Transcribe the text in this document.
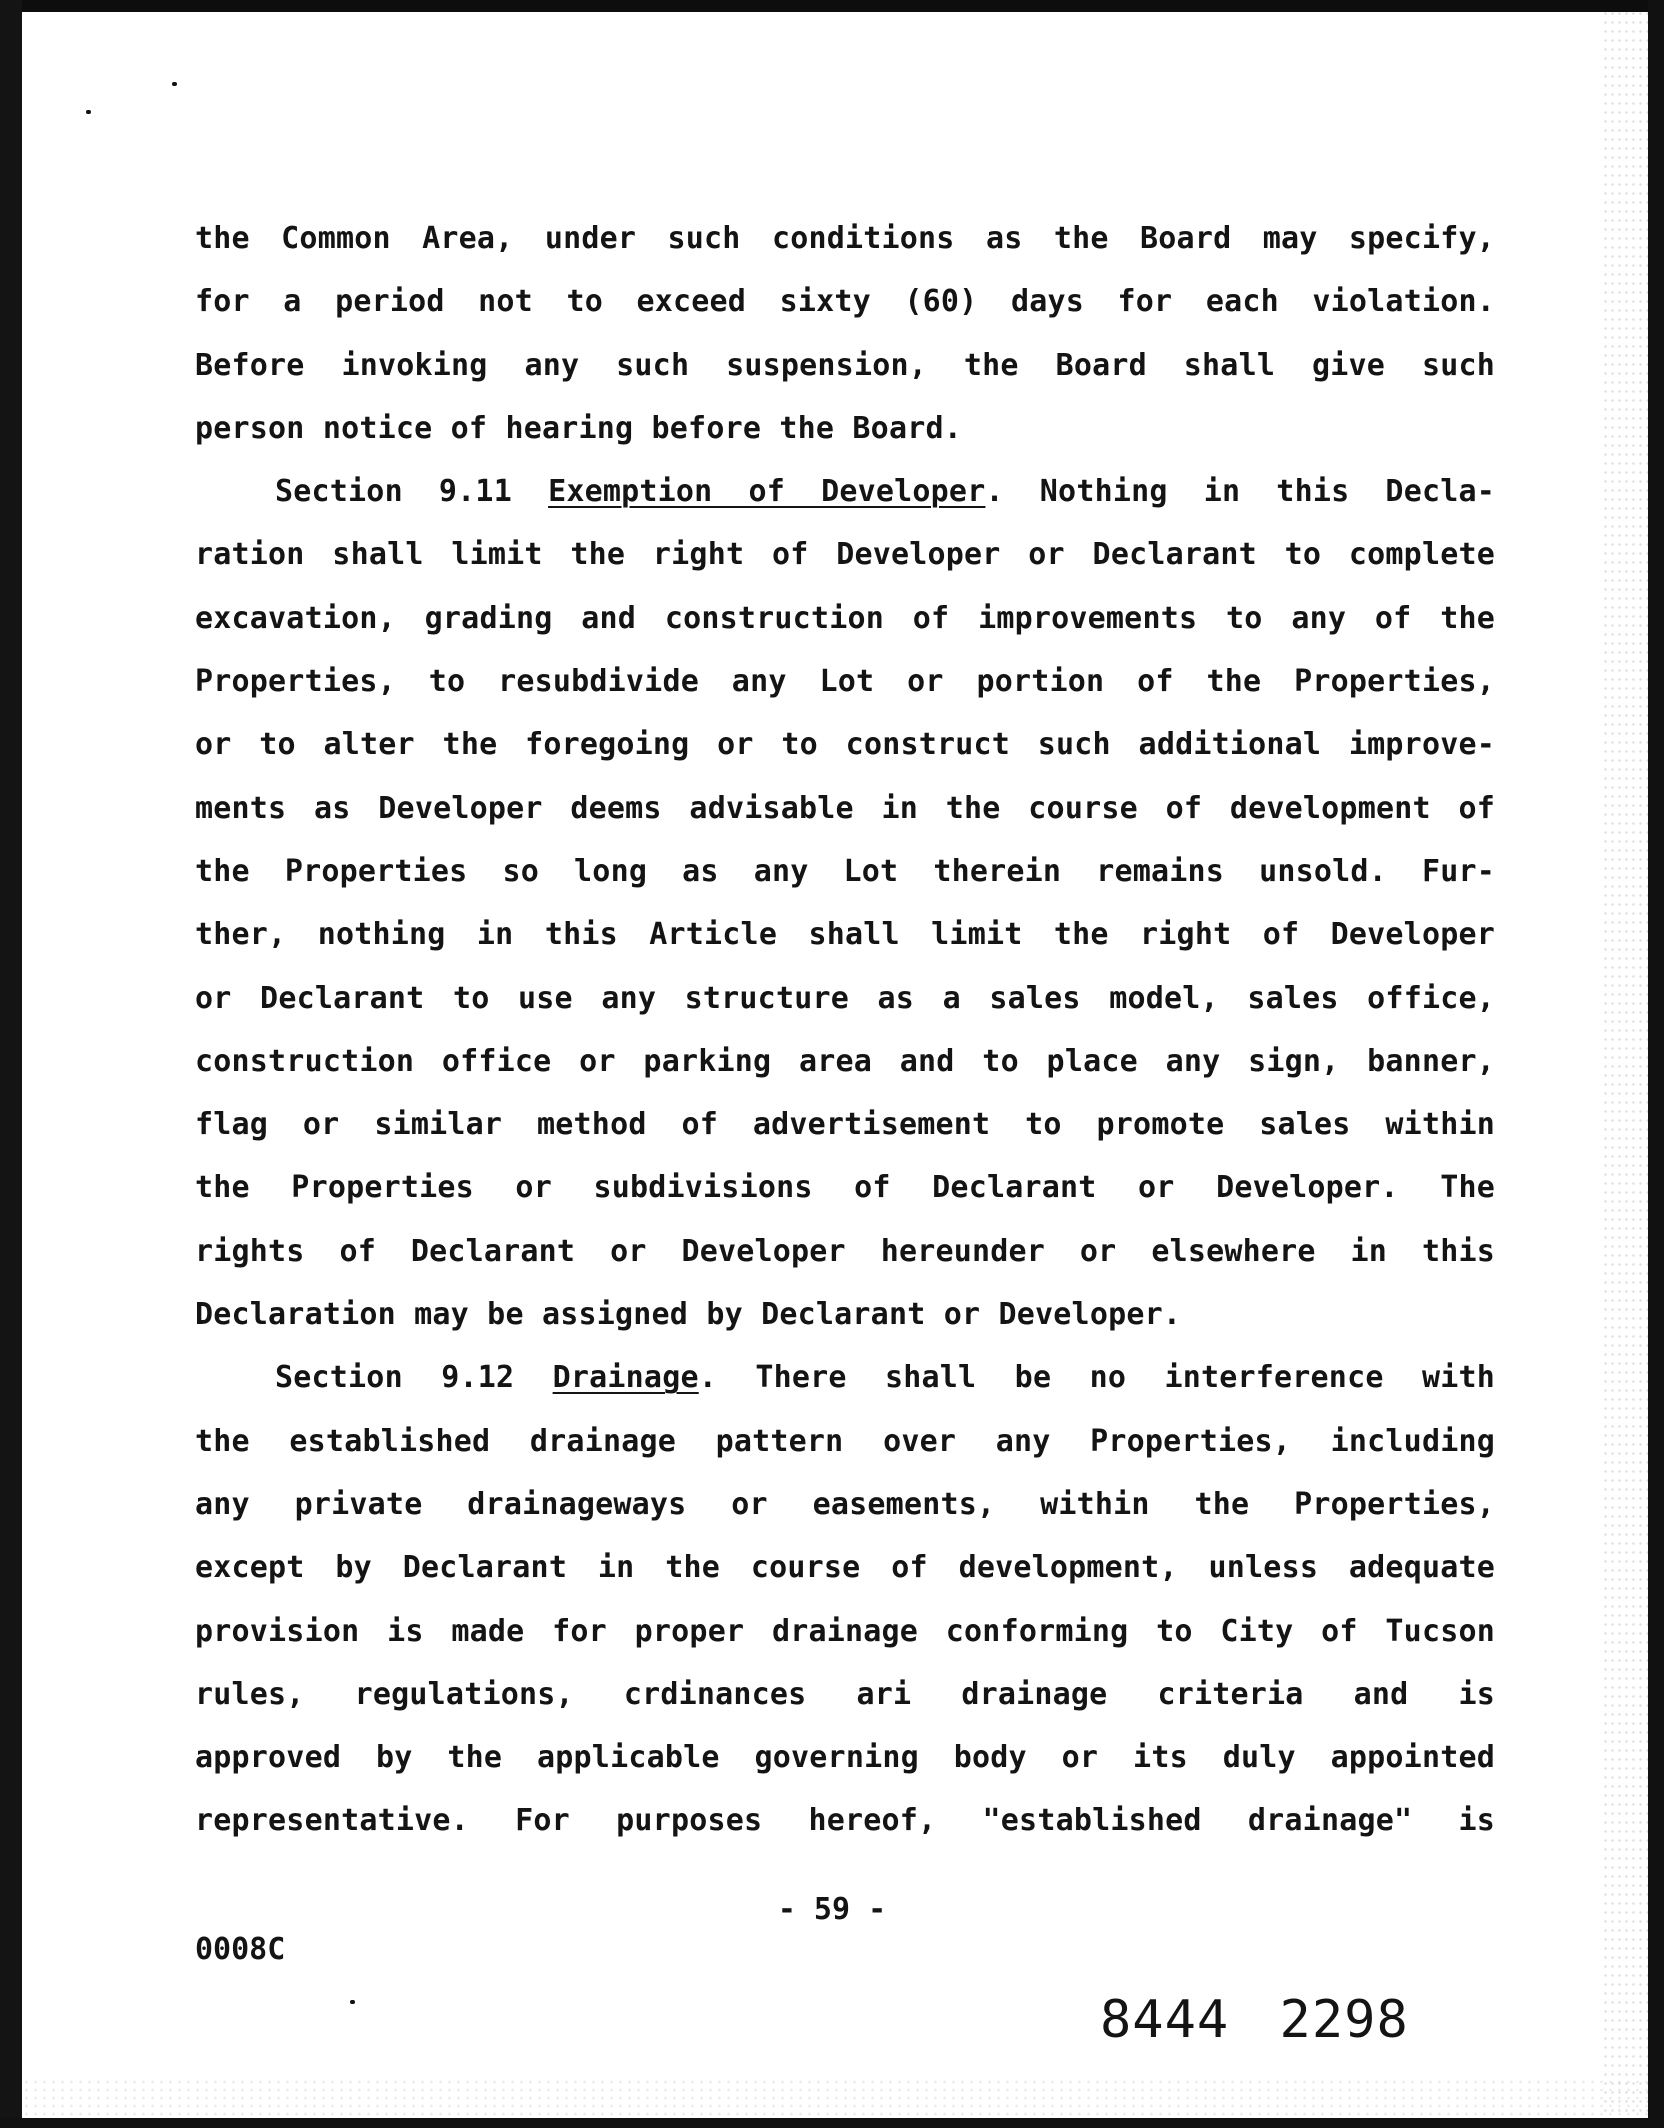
the Common Area, under such conditions as the Board may specify,
for a period not to exceed sixty (60) days for each violation.
Before invoking any such suspension, the Board shall give such
person notice of hearing before the Board.
Section 9.11 Exemption of Developer. Nothing in this Decla-
ration shall limit the right of Developer or Declarant to complete
excavation, grading and construction of improvements to any of the
Properties, to resubdivide any Lot or portion of the Properties,
or to alter the foregoing or to construct such additional improve-
ments as Developer deems advisable in the course of development of
the Properties so long as any Lot therein remains unsold. Fur-
ther, nothing in this Article shall limit the right of Developer
or Declarant to use any structure as a sales model, sales office,
construction office or parking area and to place any sign, banner,
flag or similar method of advertisement to promote sales within
the Properties or subdivisions of Declarant or Developer. The
rights of Declarant or Developer hereunder or elsewhere in this
Declaration may be assigned by Declarant or Developer.
Section 9.12 Drainage. There shall be no interference with
the established drainage pattern over any Properties, including
any private drainageways or easements, within the Properties,
except by Declarant in the course of development, unless adequate
provision is made for proper drainage conforming to City of Tucson
rules, regulations, crdinances ari drainage criteria and is
approved by the applicable governing body or its duly appointed
representative. For purposes hereof, "established drainage" is
- 59 -
0008C
8444 2298
